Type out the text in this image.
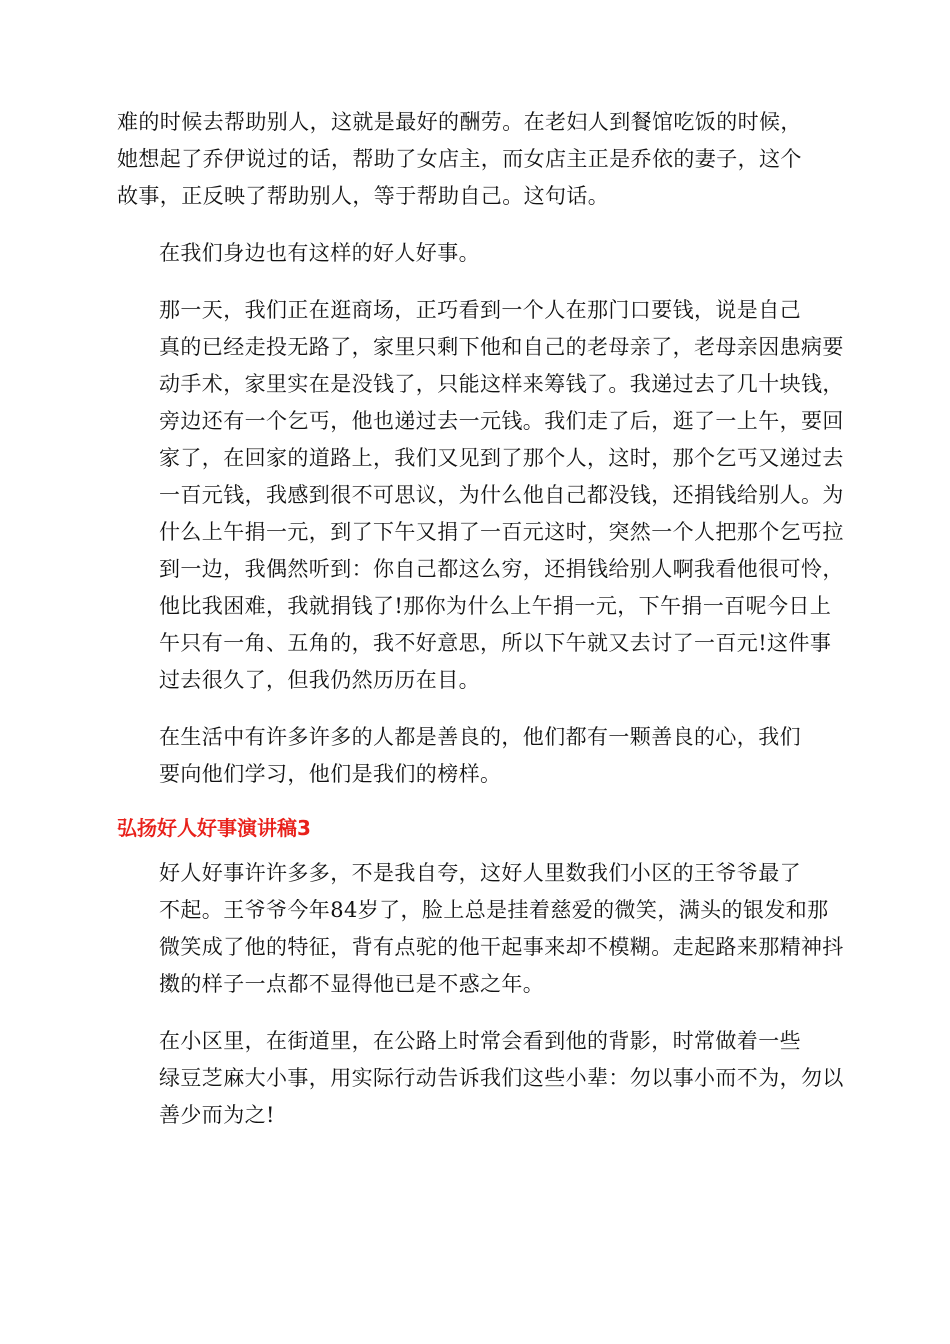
难的时候去帮助别人，这就是最好的酬劳。在老妇人到餐馆吃饭的时候，
她想起了乔伊说过的话，帮助了女店主，而女店主正是乔依的妻子，这个
故事，正反映了帮助别人，等于帮助自己。这句话。

在我们身边也有这样的好人好事。

那一天，我们正在逛商场，正巧看到一个人在那门口要钱，说是自己
真的已经走投无路了，家里只剩下他和自己的老母亲了，老母亲因患病要
动手术，家里实在是没钱了，只能这样来筹钱了。我递过去了几十块钱，
旁边还有一个乞丐，他也递过去一元钱。我们走了后，逛了一上午，要回
家了，在回家的道路上，我们又见到了那个人，这时，那个乞丐又递过去
一百元钱，我感到很不可思议，为什么他自己都没钱，还捐钱给别人。为
什么上午捐一元，到了下午又捐了一百元这时，突然一个人把那个乞丐拉
到一边，我偶然听到：你自己都这么穷，还捐钱给别人啊我看他很可怜，
他比我困难，我就捐钱了!那你为什么上午捐一元，下午捐一百呢今日上
午只有一角、五角的，我不好意思，所以下午就又去讨了一百元!这件事
过去很久了，但我仍然历历在目。

在生活中有许多许多的人都是善良的，他们都有一颗善良的心，我们
要向他们学习，他们是我们的榜样。

弘扬好人好事演讲稿3

好人好事许许多多，不是我自夸，这好人里数我们小区的王爷爷最了
不起。王爷爷今年84岁了，脸上总是挂着慈爱的微笑，满头的银发和那
微笑成了他的特征，背有点驼的他干起事来却不模糊。走起路来那精神抖
擞的样子一点都不显得他已是不惑之年。

在小区里，在街道里，在公路上时常会看到他的背影，时常做着一些
绿豆芝麻大小事，用实际行动告诉我们这些小辈：勿以事小而不为，勿以
善少而为之!
